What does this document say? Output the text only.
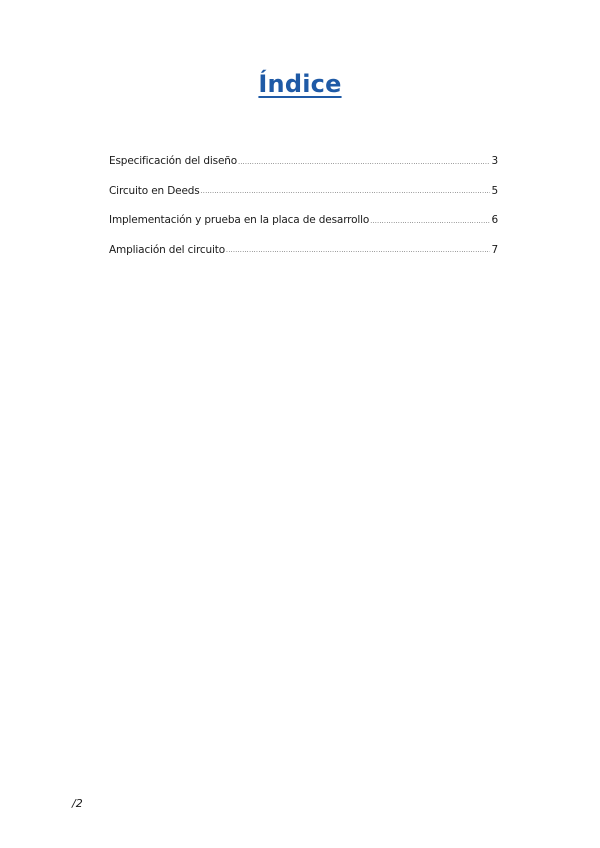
Índice
Especificación del diseño .....	3
Circuito en Deeds .....	5
Implementación y prueba en la placa de desarrollo .....	6
Ampliación del circuito .....	7
/2
